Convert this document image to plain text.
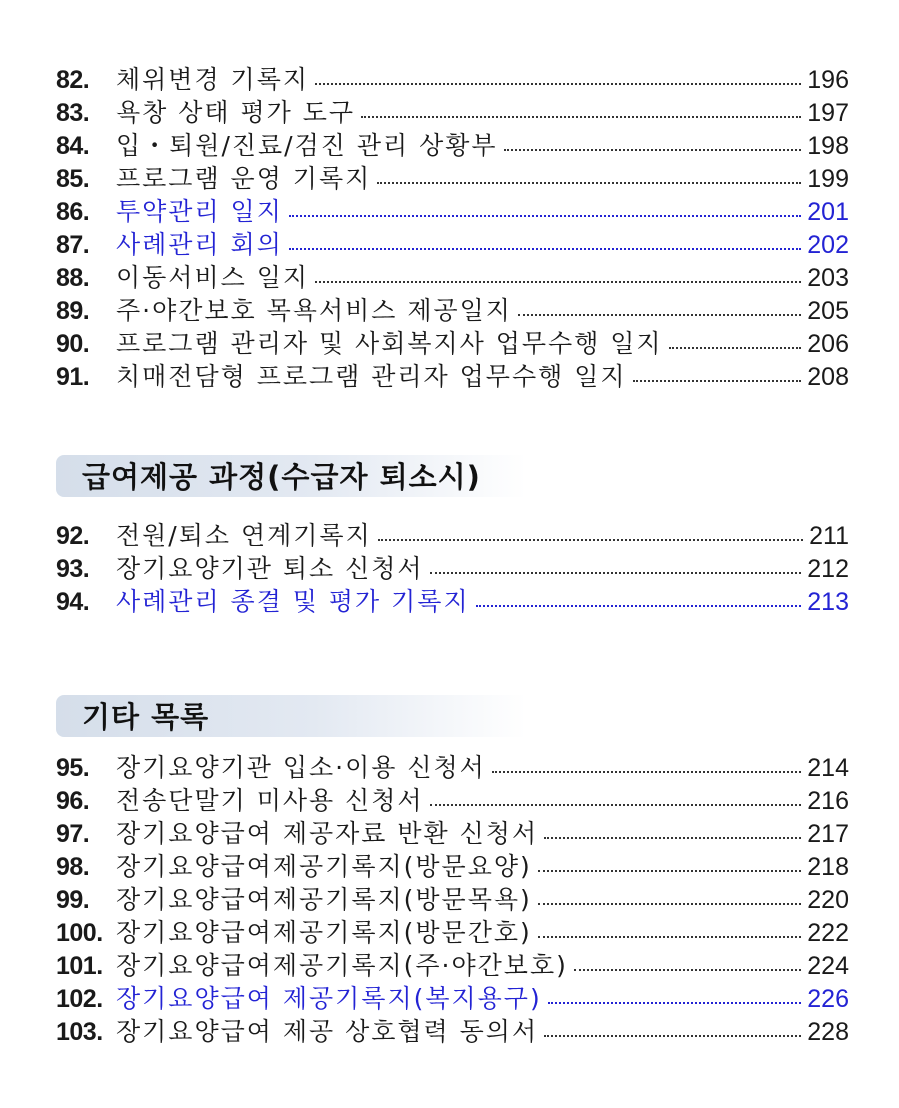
82.	체위변경 기록지	196
83.	욕창 상태 평가 도구	197
84.	입・퇴원/진료/검진 관리 상황부	198
85.	프로그램 운영 기록지	199
86.	투약관리 일지	201
87.	사례관리 회의	202
88.	이동서비스 일지	203
89.	주·야간보호 목욕서비스 제공일지	205
90.	프로그램 관리자 및 사회복지사 업무수행 일지	206
91.	치매전담형 프로그램 관리자 업무수행 일지	208
급여제공 과정(수급자 퇴소시)
92.	전원/퇴소 연계기록지	211
93.	장기요양기관 퇴소 신청서	212
94.	사례관리 종결 및 평가 기록지	213
기타 목록
95.	장기요양기관 입소·이용 신청서	214
96.	전송단말기 미사용 신청서	216
97.	장기요양급여 제공자료 반환 신청서	217
98.	장기요양급여제공기록지(방문요양)	218
99.	장기요양급여제공기록지(방문목욕)	220
100. 장기요양급여제공기록지(방문간호)	222
101. 장기요양급여제공기록지(주·야간보호)	224
102. 장기요양급여 제공기록지(복지용구)	226
103. 장기요양급여 제공 상호협력 동의서	228
